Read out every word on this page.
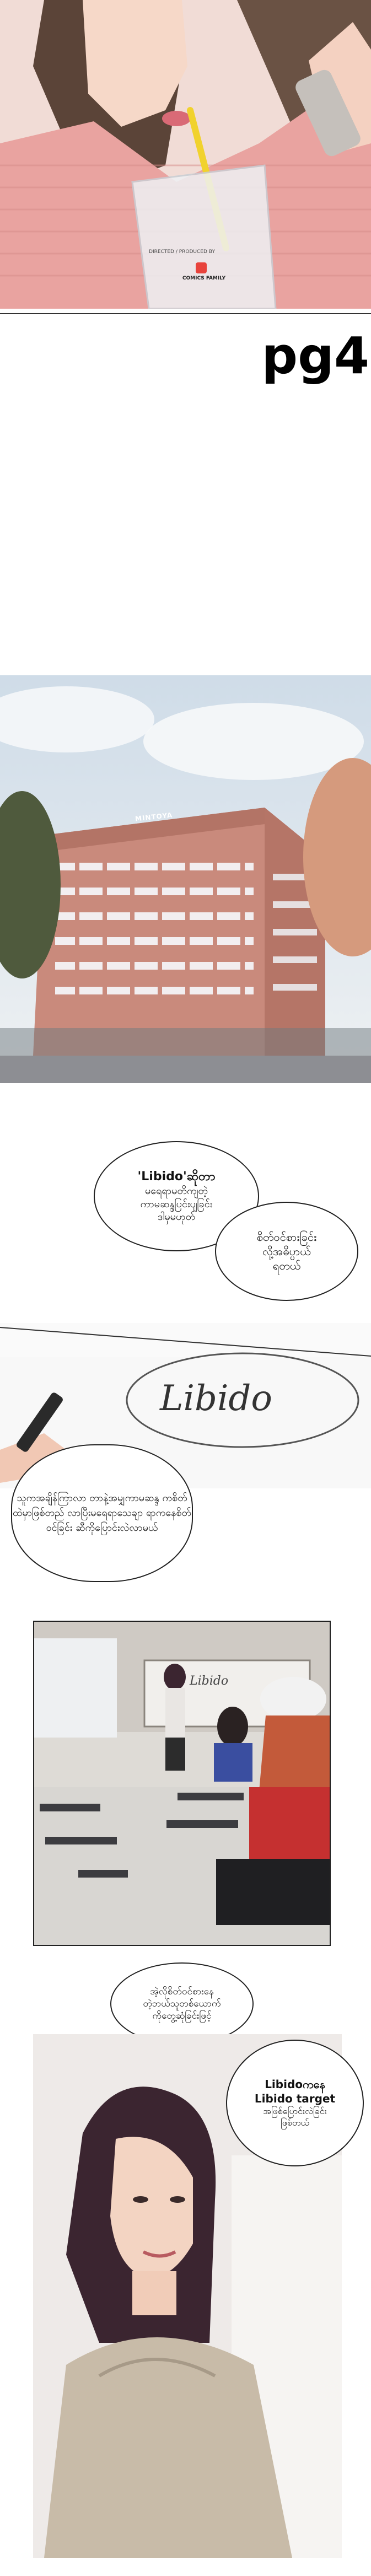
DIRECTED / PRODUCED BY
COMICS FAMILY
pg4
MINTOYA
'Libido'ဆိုတာ
မရေရာမတိကျတဲ့
ကာမဆန္ဒပြင်းပျခြင်း
ဒါမှမဟုတ်
စိတ်ဝင်စားခြင်း
လို့အဓိပ္ပာယ်
ရတယ်
Libido
သူကအချိန်ကြာလာ တာနဲ့အမျှကာမဆန္ဒ ကစိတ်ထဲမှာဖြစ်တည် လာပြီးမရေရာသေချာ ရာကနေစိတ်ဝင်ခြင်း ဆီကိုပြောင်းလဲလာမယ်
Libido
အဲ့လိုစိတ်ဝင်စားနေ
တဲ့ဘယ်သူတစ်ယောက်
ကိုတွေ့ဆုံခြင်းဖြင့်
Libidoကနေ
Libido target
အဖြစ်ပြောင်းလဲခြင်း
ဖြစ်တယ်
